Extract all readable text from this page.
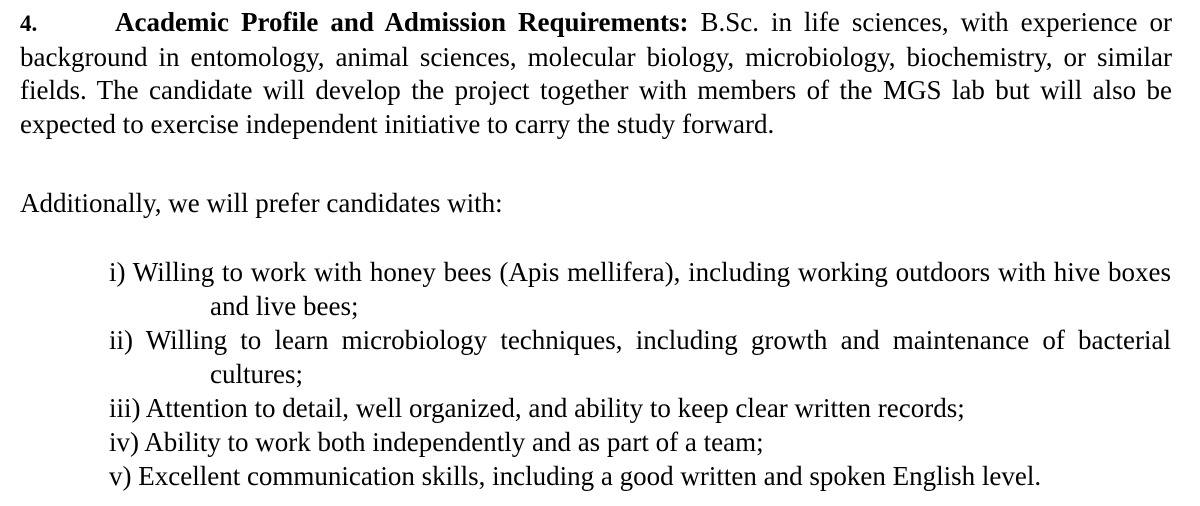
4.	Academic Profile and Admission Requirements: B.Sc. in life sciences, with experience or background in entomology, animal sciences, molecular biology, microbiology, biochemistry, or similar fields. The candidate will develop the project together with members of the MGS lab but will also be expected to exercise independent initiative to carry the study forward.

Additionally, we will prefer candidates with:

i) Willing to work with honey bees (Apis mellifera), including working outdoors with hive boxes and live bees;
ii) Willing to learn microbiology techniques, including growth and maintenance of bacterial cultures;
iii) Attention to detail, well organized, and ability to keep clear written records;
iv) Ability to work both independently and as part of a team;
v) Excellent communication skills, including a good written and spoken English level.
